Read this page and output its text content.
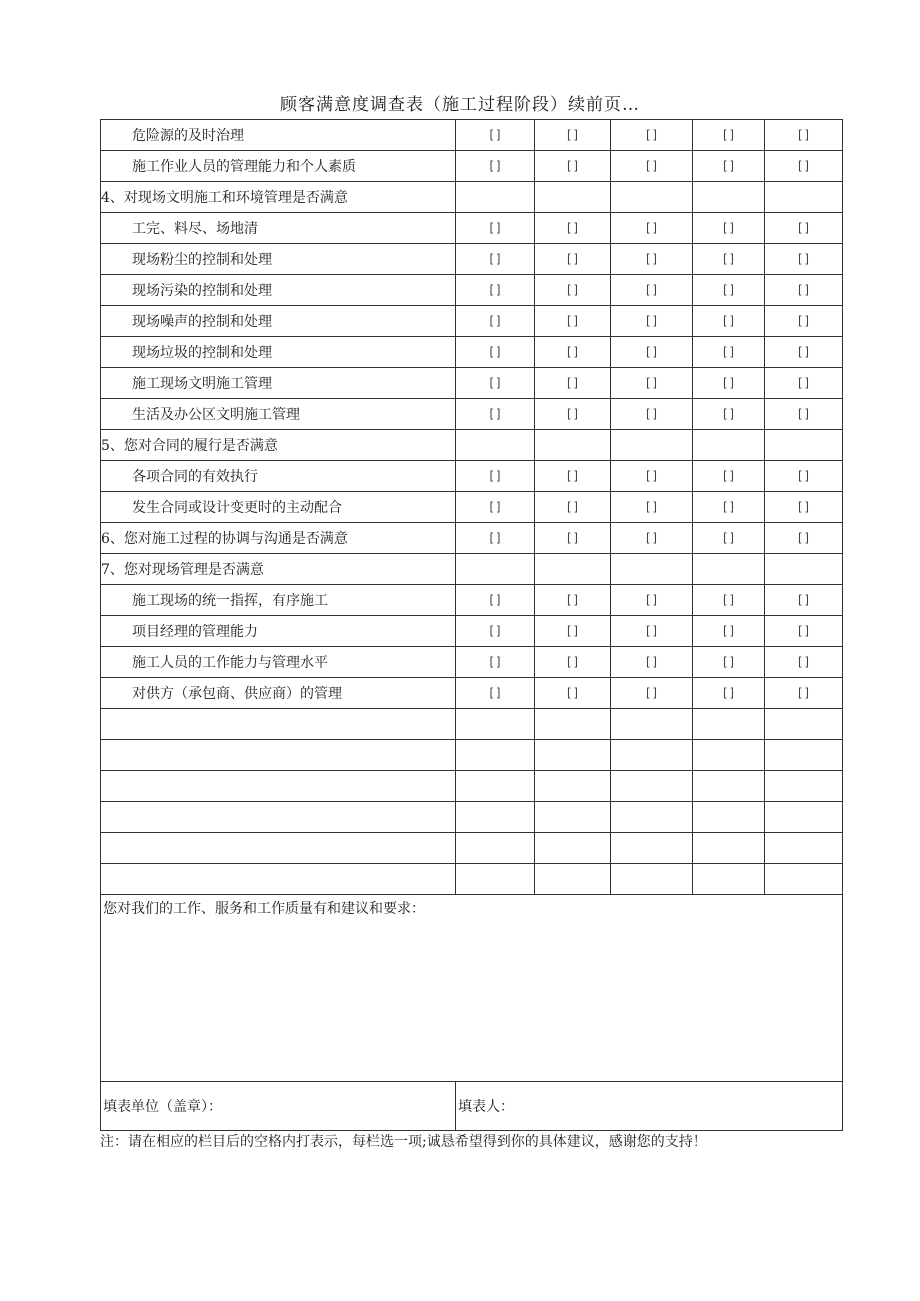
顾客满意度调查表（施工过程阶段）续前页…
危险源的及时治理	[]	[]	[]	[]	[]
施工作业人员的管理能力和个人素质	[]	[]	[]	[]	[]
4、对现场文明施工和环境管理是否满意					
工完、料尽、场地清	[]	[]	[]	[]	[]
现场粉尘的控制和处理	[]	[]	[]	[]	[]
现场污染的控制和处理	[]	[]	[]	[]	[]
现场噪声的控制和处理	[]	[]	[]	[]	[]
现场垃圾的控制和处理	[]	[]	[]	[]	[]
施工现场文明施工管理	[]	[]	[]	[]	[]
生活及办公区文明施工管理	[]	[]	[]	[]	[]
5、您对合同的履行是否满意					
各项合同的有效执行	[]	[]	[]	[]	[]
发生合同或设计变更时的主动配合	[]	[]	[]	[]	[]
6、您对施工过程的协调与沟通是否满意	[]	[]	[]	[]	[]
7、您对现场管理是否满意					
施工现场的统一指挥，有序施工	[]	[]	[]	[]	[]
项目经理的管理能力	[]	[]	[]	[]	[]
施工人员的工作能力与管理水平	[]	[]	[]	[]	[]
对供方（承包商、供应商）的管理	[]	[]	[]	[]	[]

您对我们的工作、服务和工作质量有和建议和要求：					
填表单位（盖章）：	填表人：				
注：请在相应的栏目后的空格内打表示，每栏选一项;诚恳希望得到你的具体建议，感谢您的支持！
